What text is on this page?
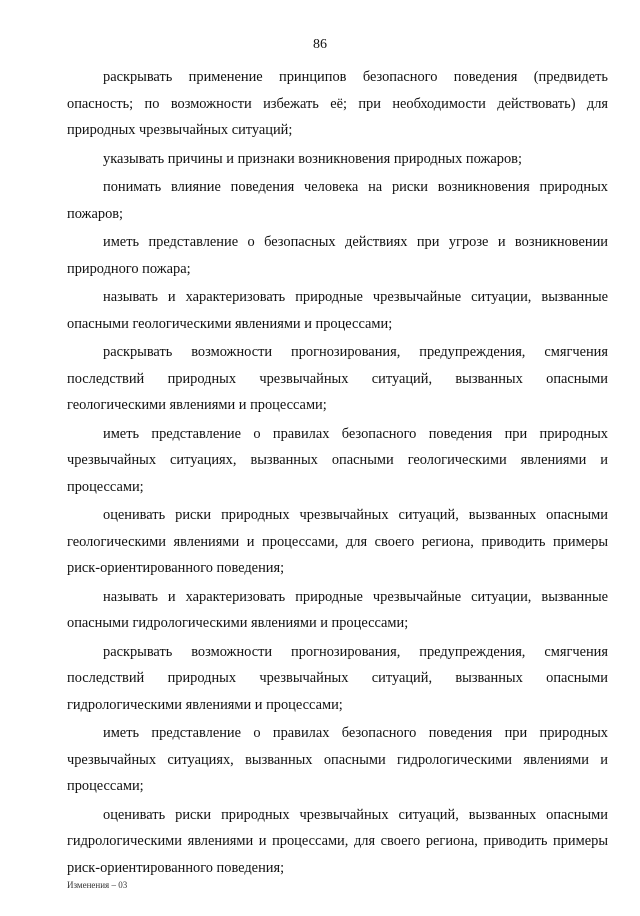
86

раскрывать применение принципов безопасного поведения (предвидеть опасность; по возможности избежать её; при необходимости действовать) для природных чрезвычайных ситуаций;

указывать причины и признаки возникновения природных пожаров;

понимать влияние поведения человека на риски возникновения природных пожаров;

иметь представление о безопасных действиях при угрозе и возникновении природного пожара;

называть и характеризовать природные чрезвычайные ситуации, вызванные опасными геологическими явлениями и процессами;

раскрывать возможности прогнозирования, предупреждения, смягчения последствий природных чрезвычайных ситуаций, вызванных опасными геологическими явлениями и процессами;

иметь представление о правилах безопасного поведения при природных чрезвычайных ситуациях, вызванных опасными геологическими явлениями и процессами;

оценивать риски природных чрезвычайных ситуаций, вызванных опасными геологическими явлениями и процессами, для своего региона, приводить примеры риск-ориентированного поведения;

называть и характеризовать природные чрезвычайные ситуации, вызванные опасными гидрологическими явлениями и процессами;

раскрывать возможности прогнозирования, предупреждения, смягчения последствий природных чрезвычайных ситуаций, вызванных опасными гидрологическими явлениями и процессами;

иметь представление о правилах безопасного поведения при природных чрезвычайных ситуациях, вызванных опасными гидрологическими явлениями и процессами;

оценивать риски природных чрезвычайных ситуаций, вызванных опасными гидрологическими явлениями и процессами, для своего региона, приводить примеры риск-ориентированного поведения;

Изменения – 03
